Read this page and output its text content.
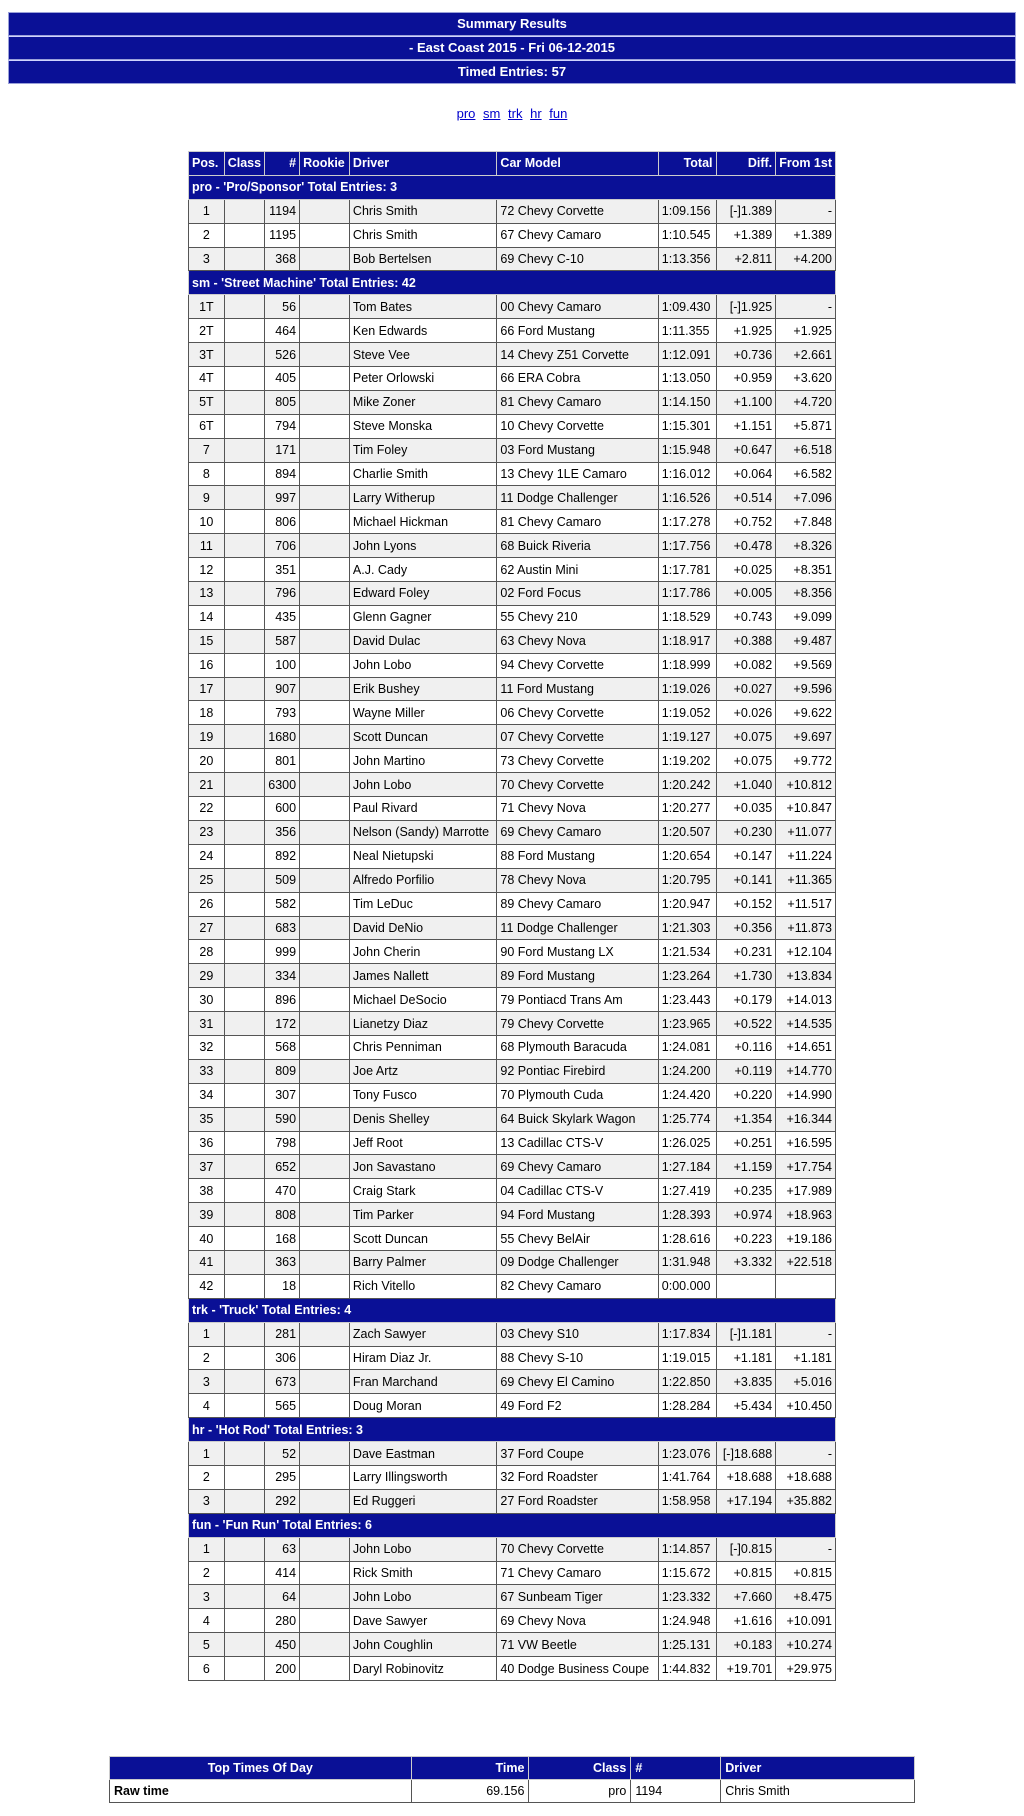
Summary Results
- East Coast 2015 - Fri 06-12-2015
Timed Entries: 57
pro sm trk hr fun
Pos.	Class	#	Rookie	Driver	Car Model	Total	Diff.	From 1st
pro - 'Pro/Sponsor' Total Entries: 3								
1		1194		Chris Smith	72 Chevy Corvette	1:09.156	[-]1.389	-
2		1195		Chris Smith	67 Chevy Camaro	1:10.545	+1.389	+1.389
3		368		Bob Bertelsen	69 Chevy C-10	1:13.356	+2.811	+4.200
sm - 'Street Machine' Total Entries: 42								
1T		56		Tom Bates	00 Chevy Camaro	1:09.430	[-]1.925	-
2T		464		Ken Edwards	66 Ford Mustang	1:11.355	+1.925	+1.925
3T		526		Steve Vee	14 Chevy Z51 Corvette	1:12.091	+0.736	+2.661
4T		405		Peter Orlowski	66 ERA Cobra	1:13.050	+0.959	+3.620
5T		805		Mike Zoner	81 Chevy Camaro	1:14.150	+1.100	+4.720
6T		794		Steve Monska	10 Chevy Corvette	1:15.301	+1.151	+5.871
7		171		Tim Foley	03 Ford Mustang	1:15.948	+0.647	+6.518
8		894		Charlie Smith	13 Chevy 1LE Camaro	1:16.012	+0.064	+6.582
9		997		Larry Witherup	11 Dodge Challenger	1:16.526	+0.514	+7.096
10		806		Michael Hickman	81 Chevy Camaro	1:17.278	+0.752	+7.848
11		706		John Lyons	68 Buick Riveria	1:17.756	+0.478	+8.326
12		351		A.J. Cady	62 Austin Mini	1:17.781	+0.025	+8.351
13		796		Edward Foley	02 Ford Focus	1:17.786	+0.005	+8.356
14		435		Glenn Gagner	55 Chevy 210	1:18.529	+0.743	+9.099
15		587		David Dulac	63 Chevy Nova	1:18.917	+0.388	+9.487
16		100		John Lobo	94 Chevy Corvette	1:18.999	+0.082	+9.569
17		907		Erik Bushey	11 Ford Mustang	1:19.026	+0.027	+9.596
18		793		Wayne Miller	06 Chevy Corvette	1:19.052	+0.026	+9.622
19		1680		Scott Duncan	07 Chevy Corvette	1:19.127	+0.075	+9.697
20		801		John Martino	73 Chevy Corvette	1:19.202	+0.075	+9.772
21		6300		John Lobo	70 Chevy Corvette	1:20.242	+1.040	+10.812
22		600		Paul Rivard	71 Chevy Nova	1:20.277	+0.035	+10.847
23		356		Nelson (Sandy) Marrotte	69 Chevy Camaro	1:20.507	+0.230	+11.077
24		892		Neal Nietupski	88 Ford Mustang	1:20.654	+0.147	+11.224
25		509		Alfredo Porfilio	78 Chevy Nova	1:20.795	+0.141	+11.365
26		582		Tim LeDuc	89 Chevy Camaro	1:20.947	+0.152	+11.517
27		683		David DeNio	11 Dodge Challenger	1:21.303	+0.356	+11.873
28		999		John Cherin	90 Ford Mustang LX	1:21.534	+0.231	+12.104
29		334		James Nallett	89 Ford Mustang	1:23.264	+1.730	+13.834
30		896		Michael DeSocio	79 Pontiacd Trans Am	1:23.443	+0.179	+14.013
31		172		Lianetzy Diaz	79 Chevy Corvette	1:23.965	+0.522	+14.535
32		568		Chris Penniman	68 Plymouth Baracuda	1:24.081	+0.116	+14.651
33		809		Joe Artz	92 Pontiac Firebird	1:24.200	+0.119	+14.770
34		307		Tony Fusco	70 Plymouth Cuda	1:24.420	+0.220	+14.990
35		590		Denis Shelley	64 Buick Skylark Wagon	1:25.774	+1.354	+16.344
36		798		Jeff Root	13 Cadillac CTS-V	1:26.025	+0.251	+16.595
37		652		Jon Savastano	69 Chevy Camaro	1:27.184	+1.159	+17.754
38		470		Craig Stark	04 Cadillac CTS-V	1:27.419	+0.235	+17.989
39		808		Tim Parker	94 Ford Mustang	1:28.393	+0.974	+18.963
40		168		Scott Duncan	55 Chevy BelAir	1:28.616	+0.223	+19.186
41		363		Barry Palmer	09 Dodge Challenger	1:31.948	+3.332	+22.518
42		18		Rich Vitello	82 Chevy Camaro	0:00.000		
trk - 'Truck' Total Entries: 4								
1		281		Zach Sawyer	03 Chevy S10	1:17.834	[-]1.181	-
2		306		Hiram Diaz Jr.	88 Chevy S-10	1:19.015	+1.181	+1.181
3		673		Fran Marchand	69 Chevy El Camino	1:22.850	+3.835	+5.016
4		565		Doug Moran	49 Ford F2	1:28.284	+5.434	+10.450
hr - 'Hot Rod' Total Entries: 3								
1		52		Dave Eastman	37 Ford Coupe	1:23.076	[-]18.688	-
2		295		Larry Illingsworth	32 Ford Roadster	1:41.764	+18.688	+18.688
3		292		Ed Ruggeri	27 Ford Roadster	1:58.958	+17.194	+35.882
fun - 'Fun Run' Total Entries: 6								
1		63		John Lobo	70 Chevy Corvette	1:14.857	[-]0.815	-
2		414		Rick Smith	71 Chevy Camaro	1:15.672	+0.815	+0.815
3		64		John Lobo	67 Sunbeam Tiger	1:23.332	+7.660	+8.475
4		280		Dave Sawyer	69 Chevy Nova	1:24.948	+1.616	+10.091
5		450		John Coughlin	71 VW Beetle	1:25.131	+0.183	+10.274
6		200		Daryl Robinovitz	40 Dodge Business Coupe	1:44.832	+19.701	+29.975
Top Times Of Day	Time	Class	#	Driver
Raw time	69.156	pro	1194	Chris Smith
